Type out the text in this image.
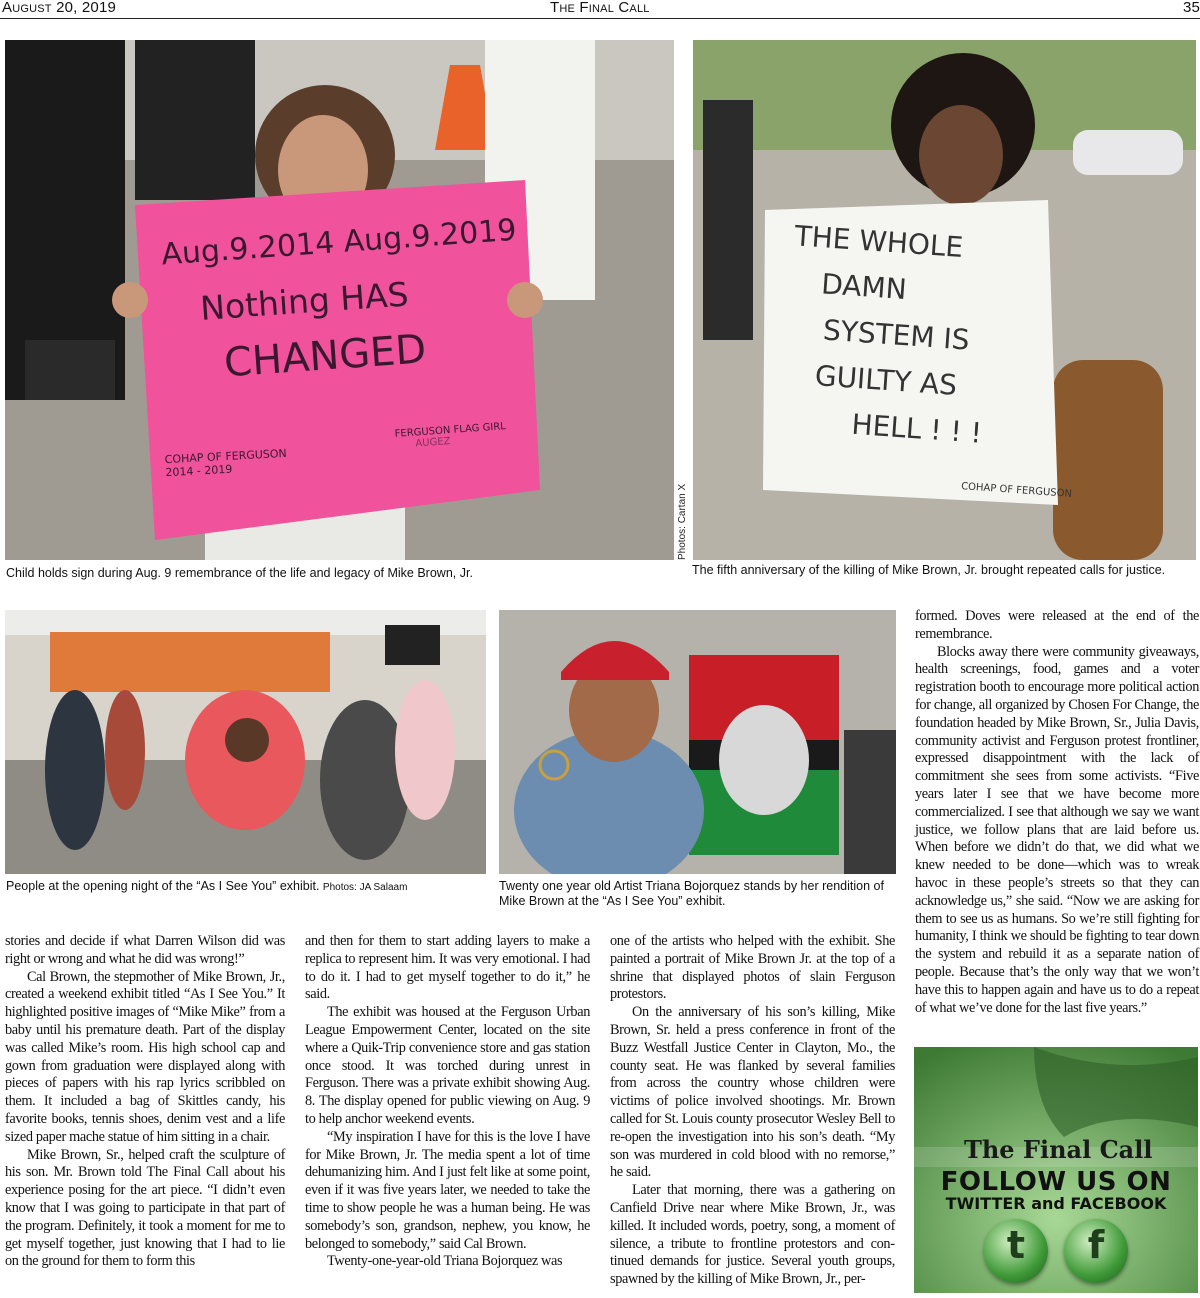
August 20, 2019	The Final Call	35
Aug.9.2014 Aug.9.2019
Nothing HAS
CHANGED
COHAP OF FERGUSON
2014 - 2019
FERGUSON FLAG GIRL
AUGEZ
Child holds sign during Aug. 9 remembrance of the life and legacy of Mike Brown, Jr.
Photos: Cartan X
THE WHOLE
DAMN
SYSTEM IS
GUILTY AS
HELL ! ! !
COHAP OF FERGUSON
The fifth anniversary of the killing of Mike Brown, Jr. brought repeated calls for justice.
People at the opening night of the “As I See You” exhibit. Photos: JA Salaam	Twenty one year old Artist Triana Bojorquez stands by her rendition of Mike Brown at the “As I See You” exhibit.

formed. Doves were released at the end of the remembrance.

Blocks away there were community giveaways, health screenings, food, games and a voter registration booth to encourage more political action for change, all organized by Chosen For Change, the foundation headed by Mike Brown, Sr., Julia Davis, community activist and Ferguson protest frontliner, expressed disappointment with the lack of commitment she sees from some activists. “Five years later I see that we have become more commercialized. I see that although we say we want justice, we follow plans that are laid before us. When before we didn’t do that, we did what we knew needed to be done—which was to wreak havoc in these people’s streets so that they can acknowledge us,” she said. “Now we are asking for them to see us as humans. So we’re still fighting for humanity, I think we should be fighting to tear down the system and rebuild it as a separate nation of people. Because that’s the only way that we won’t have this to happen again and have us to do a repeat of what we’ve done for the last five years.”

stories and decide if what Darren Wilson did was right or wrong and what he did was wrong!”

Cal Brown, the stepmother of Mike Brown, Jr., created a weekend exhibit titled “As I See You.” It highlighted positive images of “Mike Mike” from a baby until his premature death. Part of the display was called Mike’s room. His high school cap and gown from graduation were displayed along with pieces of papers with his rap lyrics scribbled on them. It included a bag of Skittles candy, his favorite books, tennis shoes, denim vest and a life sized paper mache statue of him sitting in a chair.

Mike Brown, Sr., helped craft the sculpture of his son. Mr. Brown told The Final Call about his experience posing for the art piece. “I didn’t even know that I was going to participate in that part of the program. Definitely, it took a moment for me to get myself together, just knowing that I had to lie on the ground for them to form this

and then for them to start adding layers to make a replica to represent him. It was very emotional. I had to do it. I had to get myself together to do it,” he said.

The exhibit was housed at the Ferguson Urban League Empowerment Center, located on the site where a Quik-Trip convenience store and gas station once stood. It was torched during unrest in Ferguson. There was a private exhibit showing Aug. 8. The display opened for public viewing on Aug. 9 to help anchor weekend events.

“My inspiration I have for this is the love I have for Mike Brown, Jr. The media spent a lot of time dehumanizing him. And I just felt like at some point, even if it was five years later, we needed to take the time to show people he was a human being. He was somebody’s son, grandson, nephew, you know, he belonged to somebody,” said Cal Brown.

Twenty-one-year-old Triana Bojorquez was

one of the artists who helped with the exhibit. She painted a portrait of Mike Brown Jr. at the top of a shrine that displayed photos of slain Ferguson protestors.

On the anniversary of his son’s killing, Mike Brown, Sr. held a press conference in front of the Buzz Westfall Justice Center in Clayton, Mo., the county seat. He was flanked by several families from across the country whose children were victims of police involved shootings. Mr. Brown called for St. Louis county prosecutor Wesley Bell to re-open the investigation into his son’s death. “My son was murdered in cold blood with no remorse,” he said.

Later that morning, there was a gathering on Canfield Drive near where Mike Brown, Jr., was killed. It included words, poetry, song, a moment of silence, a tribute to frontline protestors and continued demands for justice. Several youth groups, spawned by the killing of Mike Brown, Jr., per-

The Final Call
FOLLOW US ON
TWITTER and FACEBOOK
t	f
